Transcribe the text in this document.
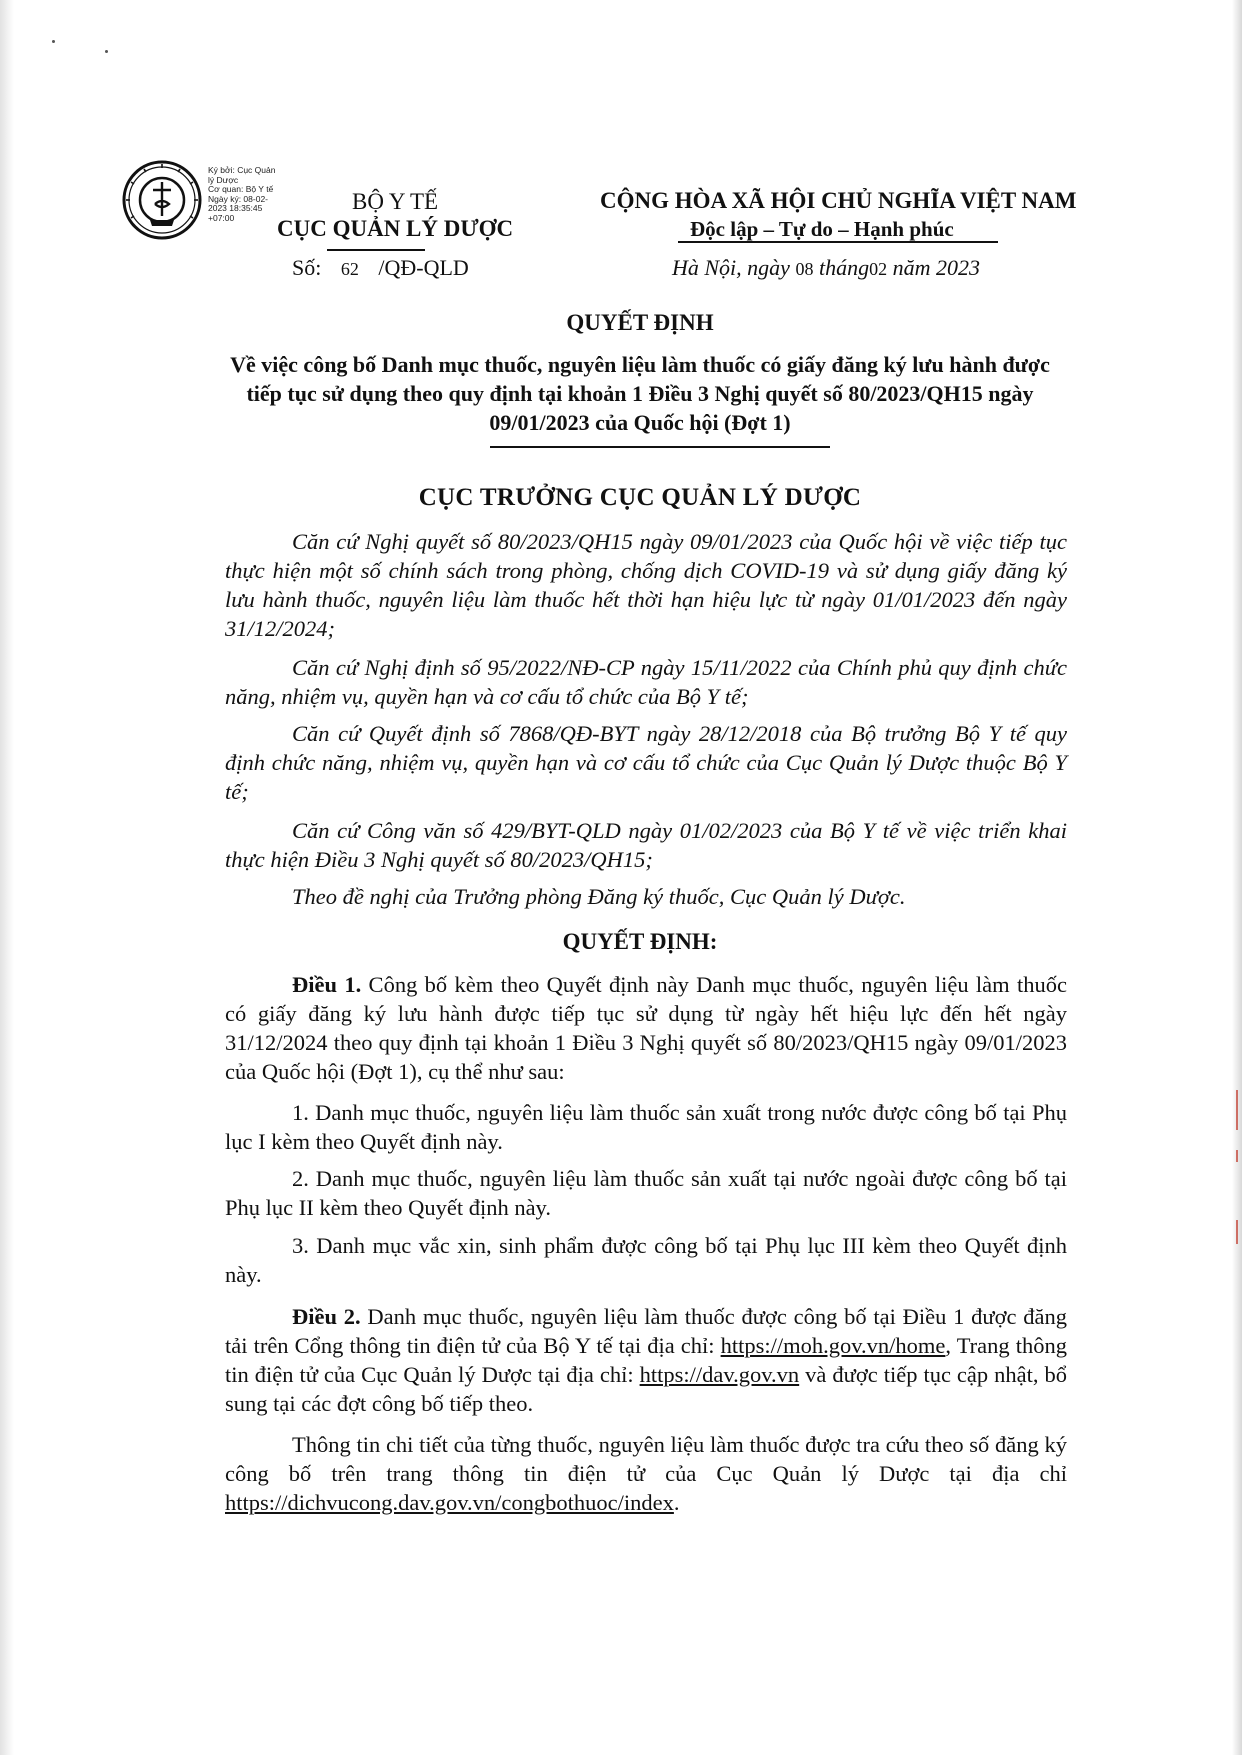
Ký bởi: Cục Quản
lý Dược
Cơ quan: Bộ Y tế
Ngày ký: 08-02-
2023 18:35:45
+07:00
BỘ Y TẾ
CỤC QUẢN LÝ DƯỢC
Số: 62 /QĐ-QLD
CỘNG HÒA XÃ HỘI CHỦ NGHĨA VIỆT NAM
Độc lập – Tự do – Hạnh phúc
Hà Nội, ngày 08 tháng02 năm 2023
QUYẾT ĐỊNH
Về việc công bố Danh mục thuốc, nguyên liệu làm thuốc có giấy đăng ký lưu hành được tiếp tục sử dụng theo quy định tại khoản 1 Điều 3 Nghị quyết số 80/2023/QH15 ngày 09/01/2023 của Quốc hội (Đợt 1)
CỤC TRƯỞNG CỤC QUẢN LÝ DƯỢC
Căn cứ Nghị quyết số 80/2023/QH15 ngày 09/01/2023 của Quốc hội về việc tiếp tục thực hiện một số chính sách trong phòng, chống dịch COVID-19 và sử dụng giấy đăng ký lưu hành thuốc, nguyên liệu làm thuốc hết thời hạn hiệu lực từ ngày 01/01/2023 đến ngày 31/12/2024;
Căn cứ Nghị định số 95/2022/NĐ-CP ngày 15/11/2022 của Chính phủ quy định chức năng, nhiệm vụ, quyền hạn và cơ cấu tổ chức của Bộ Y tế;
Căn cứ Quyết định số 7868/QĐ-BYT ngày 28/12/2018 của Bộ trưởng Bộ Y tế quy định chức năng, nhiệm vụ, quyền hạn và cơ cấu tổ chức của Cục Quản lý Dược thuộc Bộ Y tế;
Căn cứ Công văn số 429/BYT-QLD ngày 01/02/2023 của Bộ Y tế về việc triển khai thực hiện Điều 3 Nghị quyết số 80/2023/QH15;
Theo đề nghị của Trưởng phòng Đăng ký thuốc, Cục Quản lý Dược.
QUYẾT ĐỊNH:
Điều 1. Công bố kèm theo Quyết định này Danh mục thuốc, nguyên liệu làm thuốc có giấy đăng ký lưu hành được tiếp tục sử dụng từ ngày hết hiệu lực đến hết ngày 31/12/2024 theo quy định tại khoản 1 Điều 3 Nghị quyết số 80/2023/QH15 ngày 09/01/2023 của Quốc hội (Đợt 1), cụ thể như sau:
1. Danh mục thuốc, nguyên liệu làm thuốc sản xuất trong nước được công bố tại Phụ lục I kèm theo Quyết định này.
2. Danh mục thuốc, nguyên liệu làm thuốc sản xuất tại nước ngoài được công bố tại Phụ lục II kèm theo Quyết định này.
3. Danh mục vắc xin, sinh phẩm được công bố tại Phụ lục III kèm theo Quyết định này.
Điều 2. Danh mục thuốc, nguyên liệu làm thuốc được công bố tại Điều 1 được đăng tải trên Cổng thông tin điện tử của Bộ Y tế tại địa chỉ: https://moh.gov.vn/home, Trang thông tin điện tử của Cục Quản lý Dược tại địa chỉ: https://dav.gov.vn và được tiếp tục cập nhật, bổ sung tại các đợt công bố tiếp theo.
Thông tin chi tiết của từng thuốc, nguyên liệu làm thuốc được tra cứu theo số đăng ký công bố trên trang thông tin điện tử của Cục Quản lý Dược tại địa chỉ https://dichvucong.dav.gov.vn/congbothuoc/index.
